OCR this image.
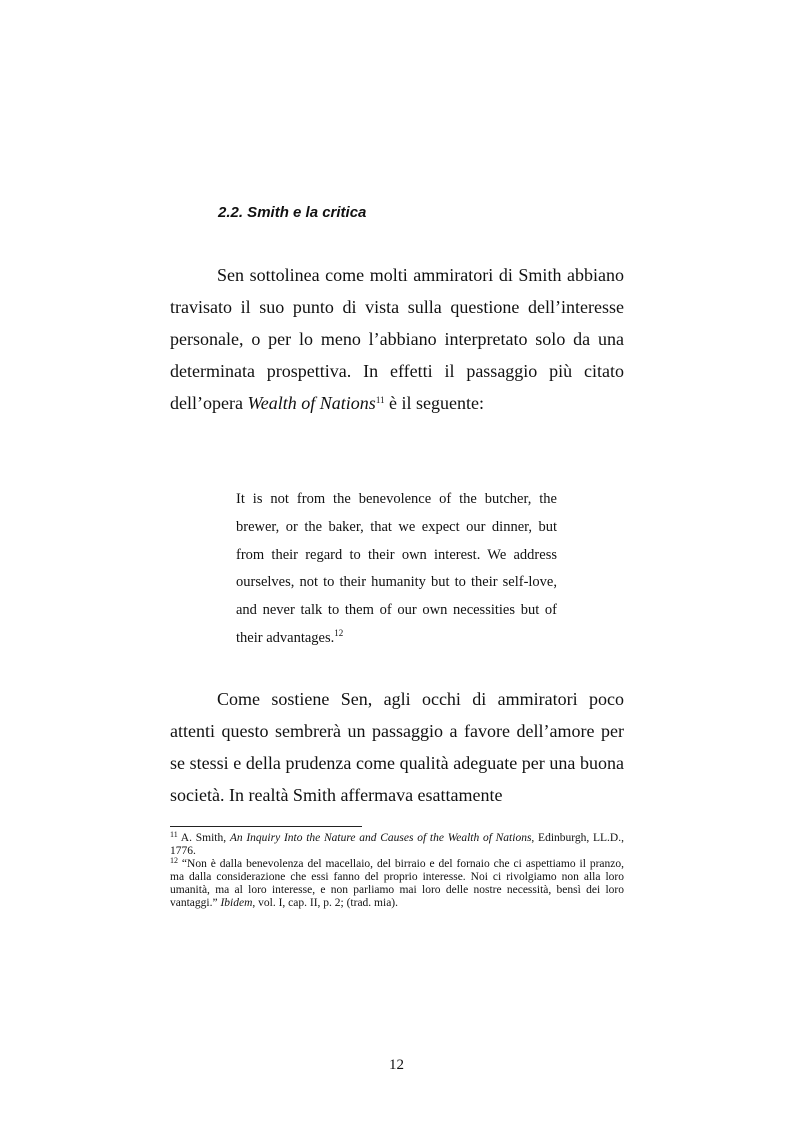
2.2. Smith e la critica

Sen sottolinea come molti ammiratori di Smith abbiano travisato il suo punto di vista sulla questione dell’interesse personale, o per lo meno l’abbiano interpretato solo da una determinata prospettiva. In effetti il passaggio più citato dell’opera Wealth of Nations$^{11}$ è il seguente:

It is not from the benevolence of the butcher, the brewer, or the baker, that we expect our dinner, but from their regard to their own interest. We address ourselves, not to their humanity but to their self-love, and never talk to them of our own necessities but of their advantages.$^{12}$

Come sostiene Sen, agli occhi di ammiratori poco attenti questo sembrerà un passaggio a favore dell’amore per se stessi e della prudenza come qualità adeguate per una buona società. In realtà Smith affermava esattamente

$^{11}$ A. Smith, An Inquiry Into the Nature and Causes of the Wealth of Nations, Edinburgh, LL.D., 1776.

$^{12}$ “Non è dalla benevolenza del macellaio, del birraio e del fornaio che ci aspettiamo il pranzo, ma dalla considerazione che essi fanno del proprio interesse. Noi ci rivolgiamo non alla loro umanità, ma al loro interesse, e non parliamo mai loro delle nostre necessità, bensì dei loro vantaggi.” Ibidem, vol. I, cap. II, p. 2; (trad. mia).

12
